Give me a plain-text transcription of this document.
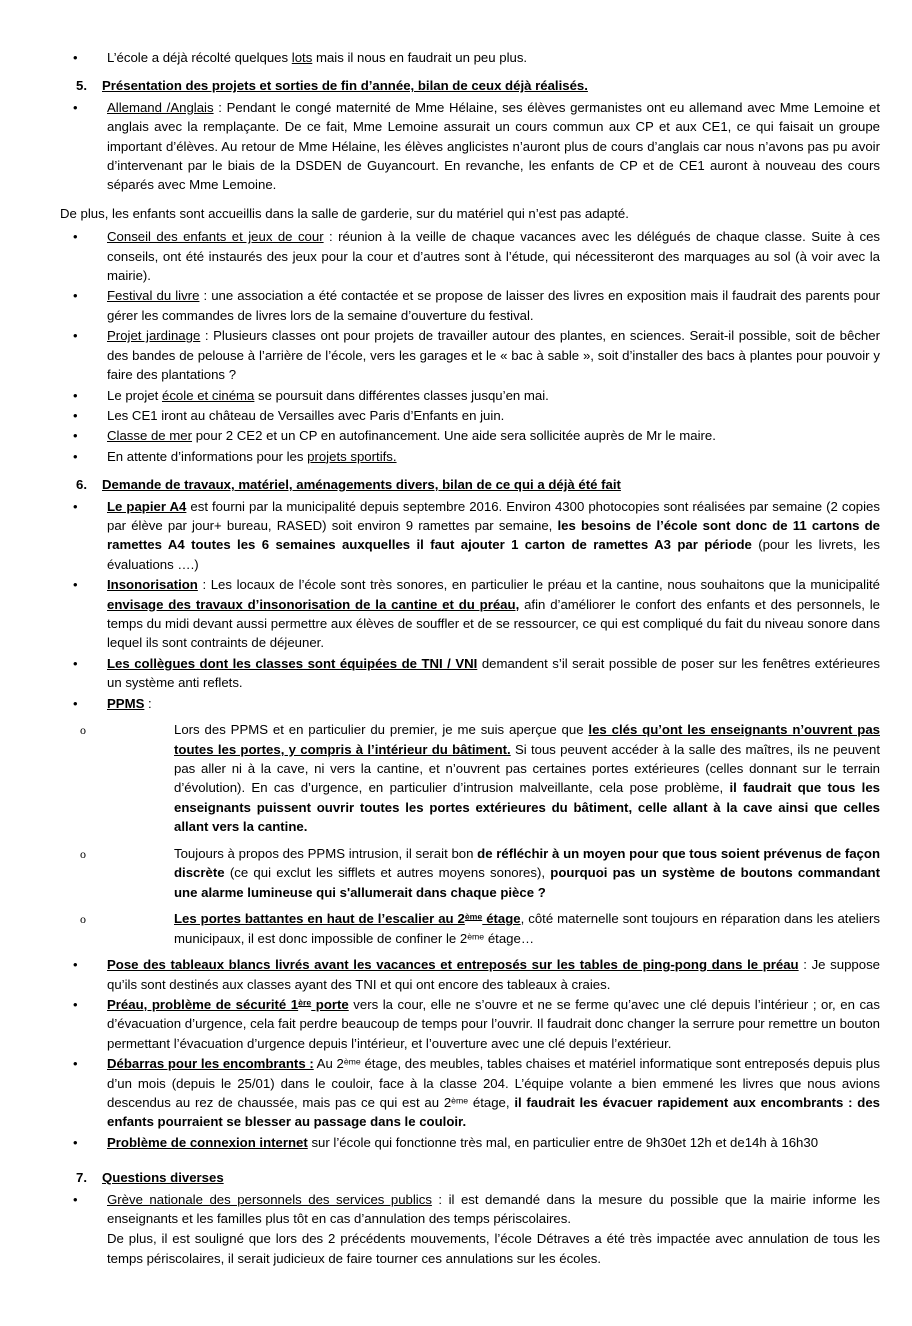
• L’école a déjà récolté quelques lots mais il nous en faudrait un peu plus.

5.	Présentation des projets et sorties de fin d’année, bilan de ceux déjà réalisés.

• Allemand /Anglais : Pendant le congé maternité de Mme Hélaine, ses élèves germanistes ont eu allemand avec Mme Lemoine et anglais avec la remplaçante. De ce fait, Mme Lemoine assurait un cours commun aux CP et aux CE1, ce qui faisait un groupe important d’élèves. Au retour de Mme Hélaine, les élèves anglicistes n’auront plus de cours d’anglais car nous n’avons pas pu avoir d’intervenant par le biais de la DSDEN de Guyancourt. En revanche, les enfants de CP et de CE1 auront à nouveau des cours séparés avec Mme Lemoine.

De plus, les enfants sont accueillis dans la salle de garderie, sur du matériel qui n’est pas adapté.

• Conseil des enfants et jeux de cour : réunion à la veille de chaque vacances avec les délégués de chaque classe. Suite à ces conseils, ont été instaurés des jeux pour la cour et d’autres sont à l’étude, qui nécessiteront des marquages au sol (à voir avec la mairie).

• Festival du livre : une association a été contactée et se propose de laisser des livres en exposition mais il faudrait des parents pour gérer les commandes de livres lors de la semaine d’ouverture du festival.

• Projet jardinage : Plusieurs classes ont pour projets de travailler autour des plantes, en sciences. Serait-il possible, soit de bêcher des bandes de pelouse à l’arrière de l’école, vers les garages et le « bac à sable », soit d’installer des bacs à plantes pour pouvoir y faire des plantations ?

• Le projet école et cinéma se poursuit dans différentes classes jusqu’en mai.

• Les CE1 iront au château de Versailles avec Paris d’Enfants en juin.

• Classe de mer pour 2 CE2 et un CP en autofinancement. Une aide sera sollicitée auprès de Mr le maire.

• En attente d’informations pour les projets sportifs.

6.	Demande de travaux, matériel, aménagements divers, bilan de ce qui a déjà été fait

• Le papier A4 est fourni par la municipalité depuis septembre 2016. Environ 4300 photocopies sont réalisées par semaine (2 copies par élève par jour+ bureau, RASED) soit environ 9 ramettes par semaine, les besoins de l’école sont donc de 11 cartons de ramettes A4 toutes les 6 semaines auxquelles il faut ajouter 1 carton de ramettes A3 par période (pour les livrets, les évaluations ….)

• Insonorisation : Les locaux de l’école sont très sonores, en particulier le préau et la cantine, nous souhaitons que la municipalité envisage des travaux d’insonorisation de la cantine et du préau, afin d’améliorer le confort des enfants et des personnels, le temps du midi devant aussi permettre aux élèves de souffler et de se ressourcer, ce qui est compliqué du fait du niveau sonore dans lequel ils sont contraints de déjeuner.

• Les collègues dont les classes sont équipées de TNI / VNI demandent s’il serait possible de poser sur les fenêtres extérieures un système anti reflets.

• PPMS :

o	Lors des PPMS et en particulier du premier, je me suis aperçue que les clés qu’ont les enseignants n’ouvrent pas toutes les portes, y compris à l’intérieur du bâtiment. Si tous peuvent accéder à la salle des maîtres, ils ne peuvent pas aller ni à la cave, ni vers la cantine, et n’ouvrent pas certaines portes extérieures (celles donnant sur le terrain d’évolution). En cas d’urgence, en particulier d’intrusion malveillante, cela pose problème, il faudrait que tous les enseignants puissent ouvrir toutes les portes extérieures du bâtiment, celle allant à la cave ainsi que celles allant vers la cantine.

o	Toujours à propos des PPMS intrusion, il serait bon de réfléchir à un moyen pour que tous soient prévenus de façon discrète (ce qui exclut les sifflets et autres moyens sonores), pourquoi pas un système de boutons commandant une alarme lumineuse qui s'allumerait dans chaque pièce ?

o	Les portes battantes en haut de l’escalier au 2ème étage, côté maternelle sont toujours en réparation dans les ateliers municipaux, il est donc impossible de confiner le 2ème étage…

• Pose des tableaux blancs livrés avant les vacances et entreposés sur les tables de ping-pong dans le préau : Je suppose qu’ils sont destinés aux classes ayant des TNI et qui ont encore des tableaux à craies.

• Préau, problème de sécurité 1ère porte vers la cour, elle ne s’ouvre et ne se ferme qu’avec une clé depuis l’intérieur ; or, en cas d’évacuation d’urgence, cela fait perdre beaucoup de temps pour l’ouvrir. Il faudrait donc changer la serrure pour remettre un bouton permettant l’évacuation d’urgence depuis l’intérieur, et l’ouverture avec une clé depuis l’extérieur.

• Débarras pour les encombrants : Au 2ème étage, des meubles, tables chaises et matériel informatique sont entreposés depuis plus d’un mois (depuis le 25/01) dans le couloir, face à la classe 204. L’équipe volante a bien emmené les livres que nous avions descendus au rez de chaussée, mais pas ce qui est au 2ème étage, il faudrait les évacuer rapidement aux encombrants : des enfants pourraient se blesser au passage dans le couloir.

• Problème de connexion internet sur l’école qui fonctionne très mal, en particulier entre de 9h30et 12h et de14h à 16h30

7.	Questions diverses

• Grève nationale des personnels des services publics : il est demandé dans la mesure du possible que la mairie informe les enseignants et les familles plus tôt en cas d’annulation des temps périscolaires.

De plus, il est souligné que lors des 2 précédents mouvements, l’école Détraves a été très impactée avec annulation de tous les temps périscolaires, il serait judicieux de faire tourner ces annulations sur les écoles.
